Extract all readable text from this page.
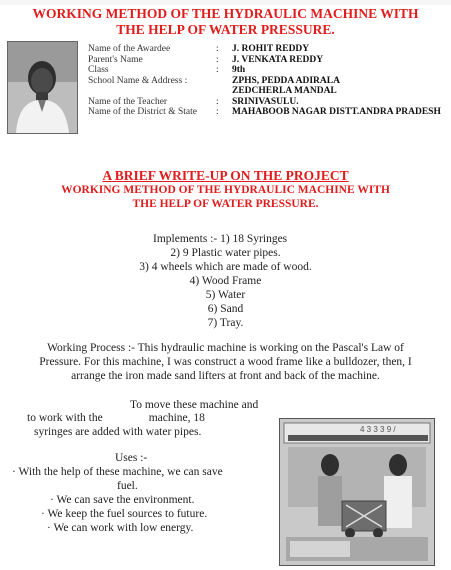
WORKING METHOD OF THE HYDRAULIC MACHINE WITH
THE HELP OF WATER PRESSURE.
Name of the Awardee
Parent's Name
Class
School Name & Address :
Name of the Teacher
Name of the District & State
:
:
:
:
:
J. ROHIT REDDY
J. VENKATA REDDY
9th
ZPHS, PEDDA ADIRALA
ZEDCHERLA MANDAL
SRINIVASULU.
MAHABOOB NAGAR DISTT.ANDRA PRADESH
A BRIEF WRITE-UP ON THE PROJECT
WORKING METHOD OF THE HYDRAULIC MACHINE WITH
THE HELP OF WATER PRESSURE.
Implements :- 1) 18 Syringes
2) 9 Plastic water pipes.
3) 4 wheels which are made of wood.
4) Wood Frame
5) Water
6) Sand
7) Tray.
Working Process :- This hydraulic machine is working on the Pascal's Law of
Pressure. For this machine, I was construct a wood frame like a bulldozer, then, I
arrange the iron made sand lifters at front and back of the machine.
To move these machine and
to work with the                machine, 18
syringes are added with water pipes.
Uses :-
· With the help of these machine, we can save
fuel.
· We can save the environment.
· We keep the fuel sources to future.
· We can work with low energy.
4 3 3 3 9 /
